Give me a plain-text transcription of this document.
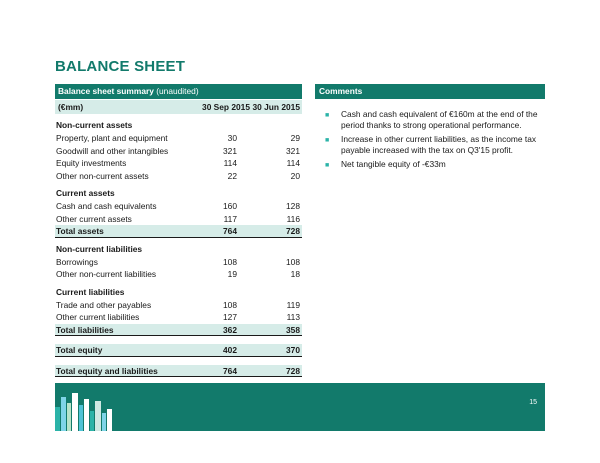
BALANCE SHEET
Balance sheet summary (unaudited)
(€mm)	30 Sep 2015 30 Jun 2015
Non-current assets
Property, plant and equipment	30	29
Goodwill and other intangibles	321	321
Equity investments	114	114
Other non-current assets	22	20
Current assets
Cash and cash equivalents	160	128
Other current assets	117	116
Total assets	764	728
Non-current liabilities
Borrowings	108	108
Other non-current liabilities	19	18
Current liabilities
Trade and other payables	108	119
Other current liabilities	127	113
Total liabilities	362	358
Total equity	402	370
Total equity and liabilities	764	728
Comments
■ Cash and cash equivalent of €160m at the end of the period thanks to strong operational performance.
■ Increase in other current liabilities, as the income tax payable increased with the tax on Q3'15 profit.
■ Net tangible equity of -€33m
15
